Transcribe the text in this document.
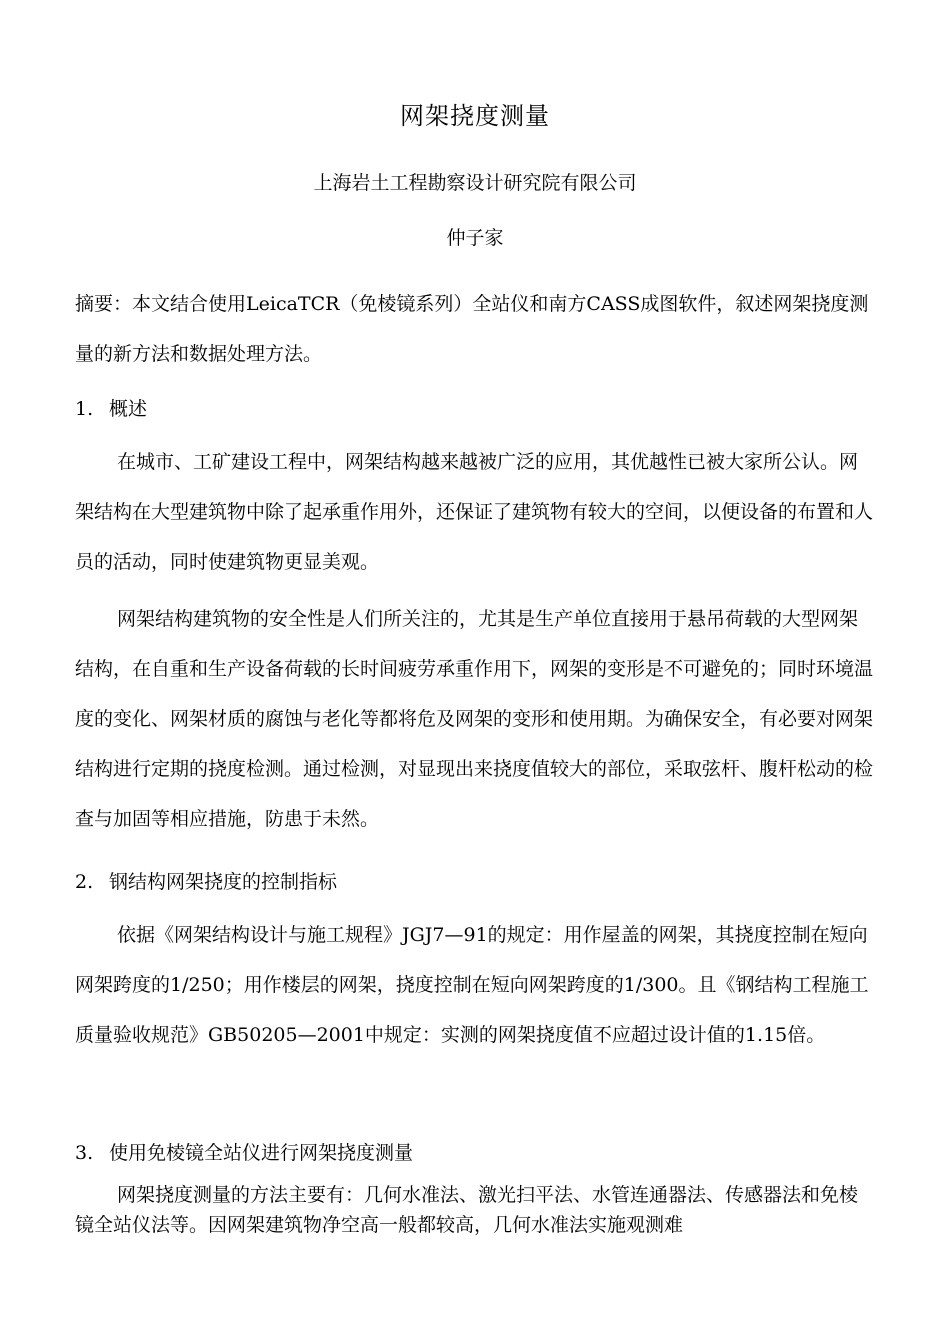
网架挠度测量
上海岩土工程勘察设计研究院有限公司
仲子家

摘要：本文结合使用LeicaTCR（免棱镜系列）全站仪和南方CASS成图软件，叙述网架挠度测量的新方法和数据处理方法。

1. 概述

在城市、工矿建设工程中，网架结构越来越被广泛的应用，其优越性已被大家所公认。网架结构在大型建筑物中除了起承重作用外，还保证了建筑物有较大的空间，以便设备的布置和人员的活动，同时使建筑物更显美观。

网架结构建筑物的安全性是人们所关注的，尤其是生产单位直接用于悬吊荷载的大型网架结构，在自重和生产设备荷载的长时间疲劳承重作用下，网架的变形是不可避免的；同时环境温度的变化、网架材质的腐蚀与老化等都将危及网架的变形和使用期。为确保安全，有必要对网架结构进行定期的挠度检测。通过检测，对显现出来挠度值较大的部位，采取弦杆、腹杆松动的检查与加固等相应措施，防患于未然。

2. 钢结构网架挠度的控制指标

依据《网架结构设计与施工规程》JGJ7—91的规定：用作屋盖的网架，其挠度控制在短向网架跨度的1/250；用作楼层的网架，挠度控制在短向网架跨度的1/300。且《钢结构工程施工质量验收规范》GB50205—2001中规定：实测的网架挠度值不应超过设计值的1.15倍。

3. 使用免棱镜全站仪进行网架挠度测量

网架挠度测量的方法主要有：几何水准法、激光扫平法、水管连通器法、传感器法和免棱镜全站仪法等。因网架建筑物净空高一般都较高，几何水准法实施观测难
